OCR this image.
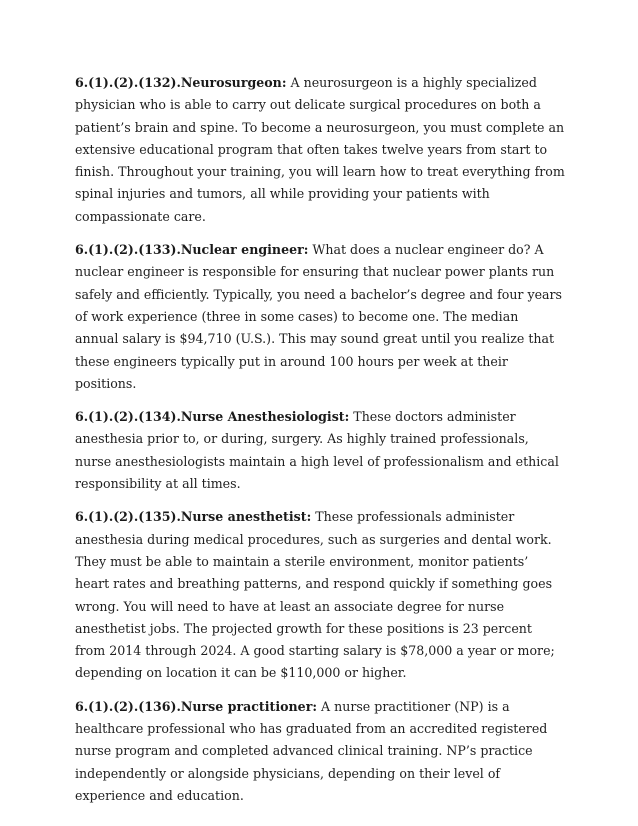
6.(1).(2).(132).Neurosurgeon: A neurosurgeon is a highly specialized physician who is able to carry out delicate surgical procedures on both a patient’s brain and spine. To become a neurosurgeon, you must complete an extensive educational program that often takes twelve years from start to finish. Throughout your training, you will learn how to treat everything from spinal injuries and tumors, all while providing your patients with compassionate care.

6.(1).(2).(133).Nuclear engineer: What does a nuclear engineer do? A nuclear engineer is responsible for ensuring that nuclear power plants run safely and efficiently. Typically, you need a bachelor’s degree and four years of work experience (three in some cases) to become one. The median annual salary is $94,710 (U.S.). This may sound great until you realize that these engineers typically put in around 100 hours per week at their positions.

6.(1).(2).(134).Nurse Anesthesiologist: These doctors administer anesthesia prior to, or during, surgery. As highly trained professionals, nurse anesthesiologists maintain a high level of professionalism and ethical responsibility at all times.

6.(1).(2).(135).Nurse anesthetist: These professionals administer anesthesia during medical procedures, such as surgeries and dental work. They must be able to maintain a sterile environment, monitor patients’ heart rates and breathing patterns, and respond quickly if something goes wrong. You will need to have at least an associate degree for nurse anesthetist jobs. The projected growth for these positions is 23 percent from 2014 through 2024. A good starting salary is $78,000 a year or more; depending on location it can be $110,000 or higher.

6.(1).(2).(136).Nurse practitioner: A nurse practitioner (NP) is a healthcare professional who has graduated from an accredited registered nurse program and completed advanced clinical training. NP’s practice independently or alongside physicians, depending on their level of experience and education.
